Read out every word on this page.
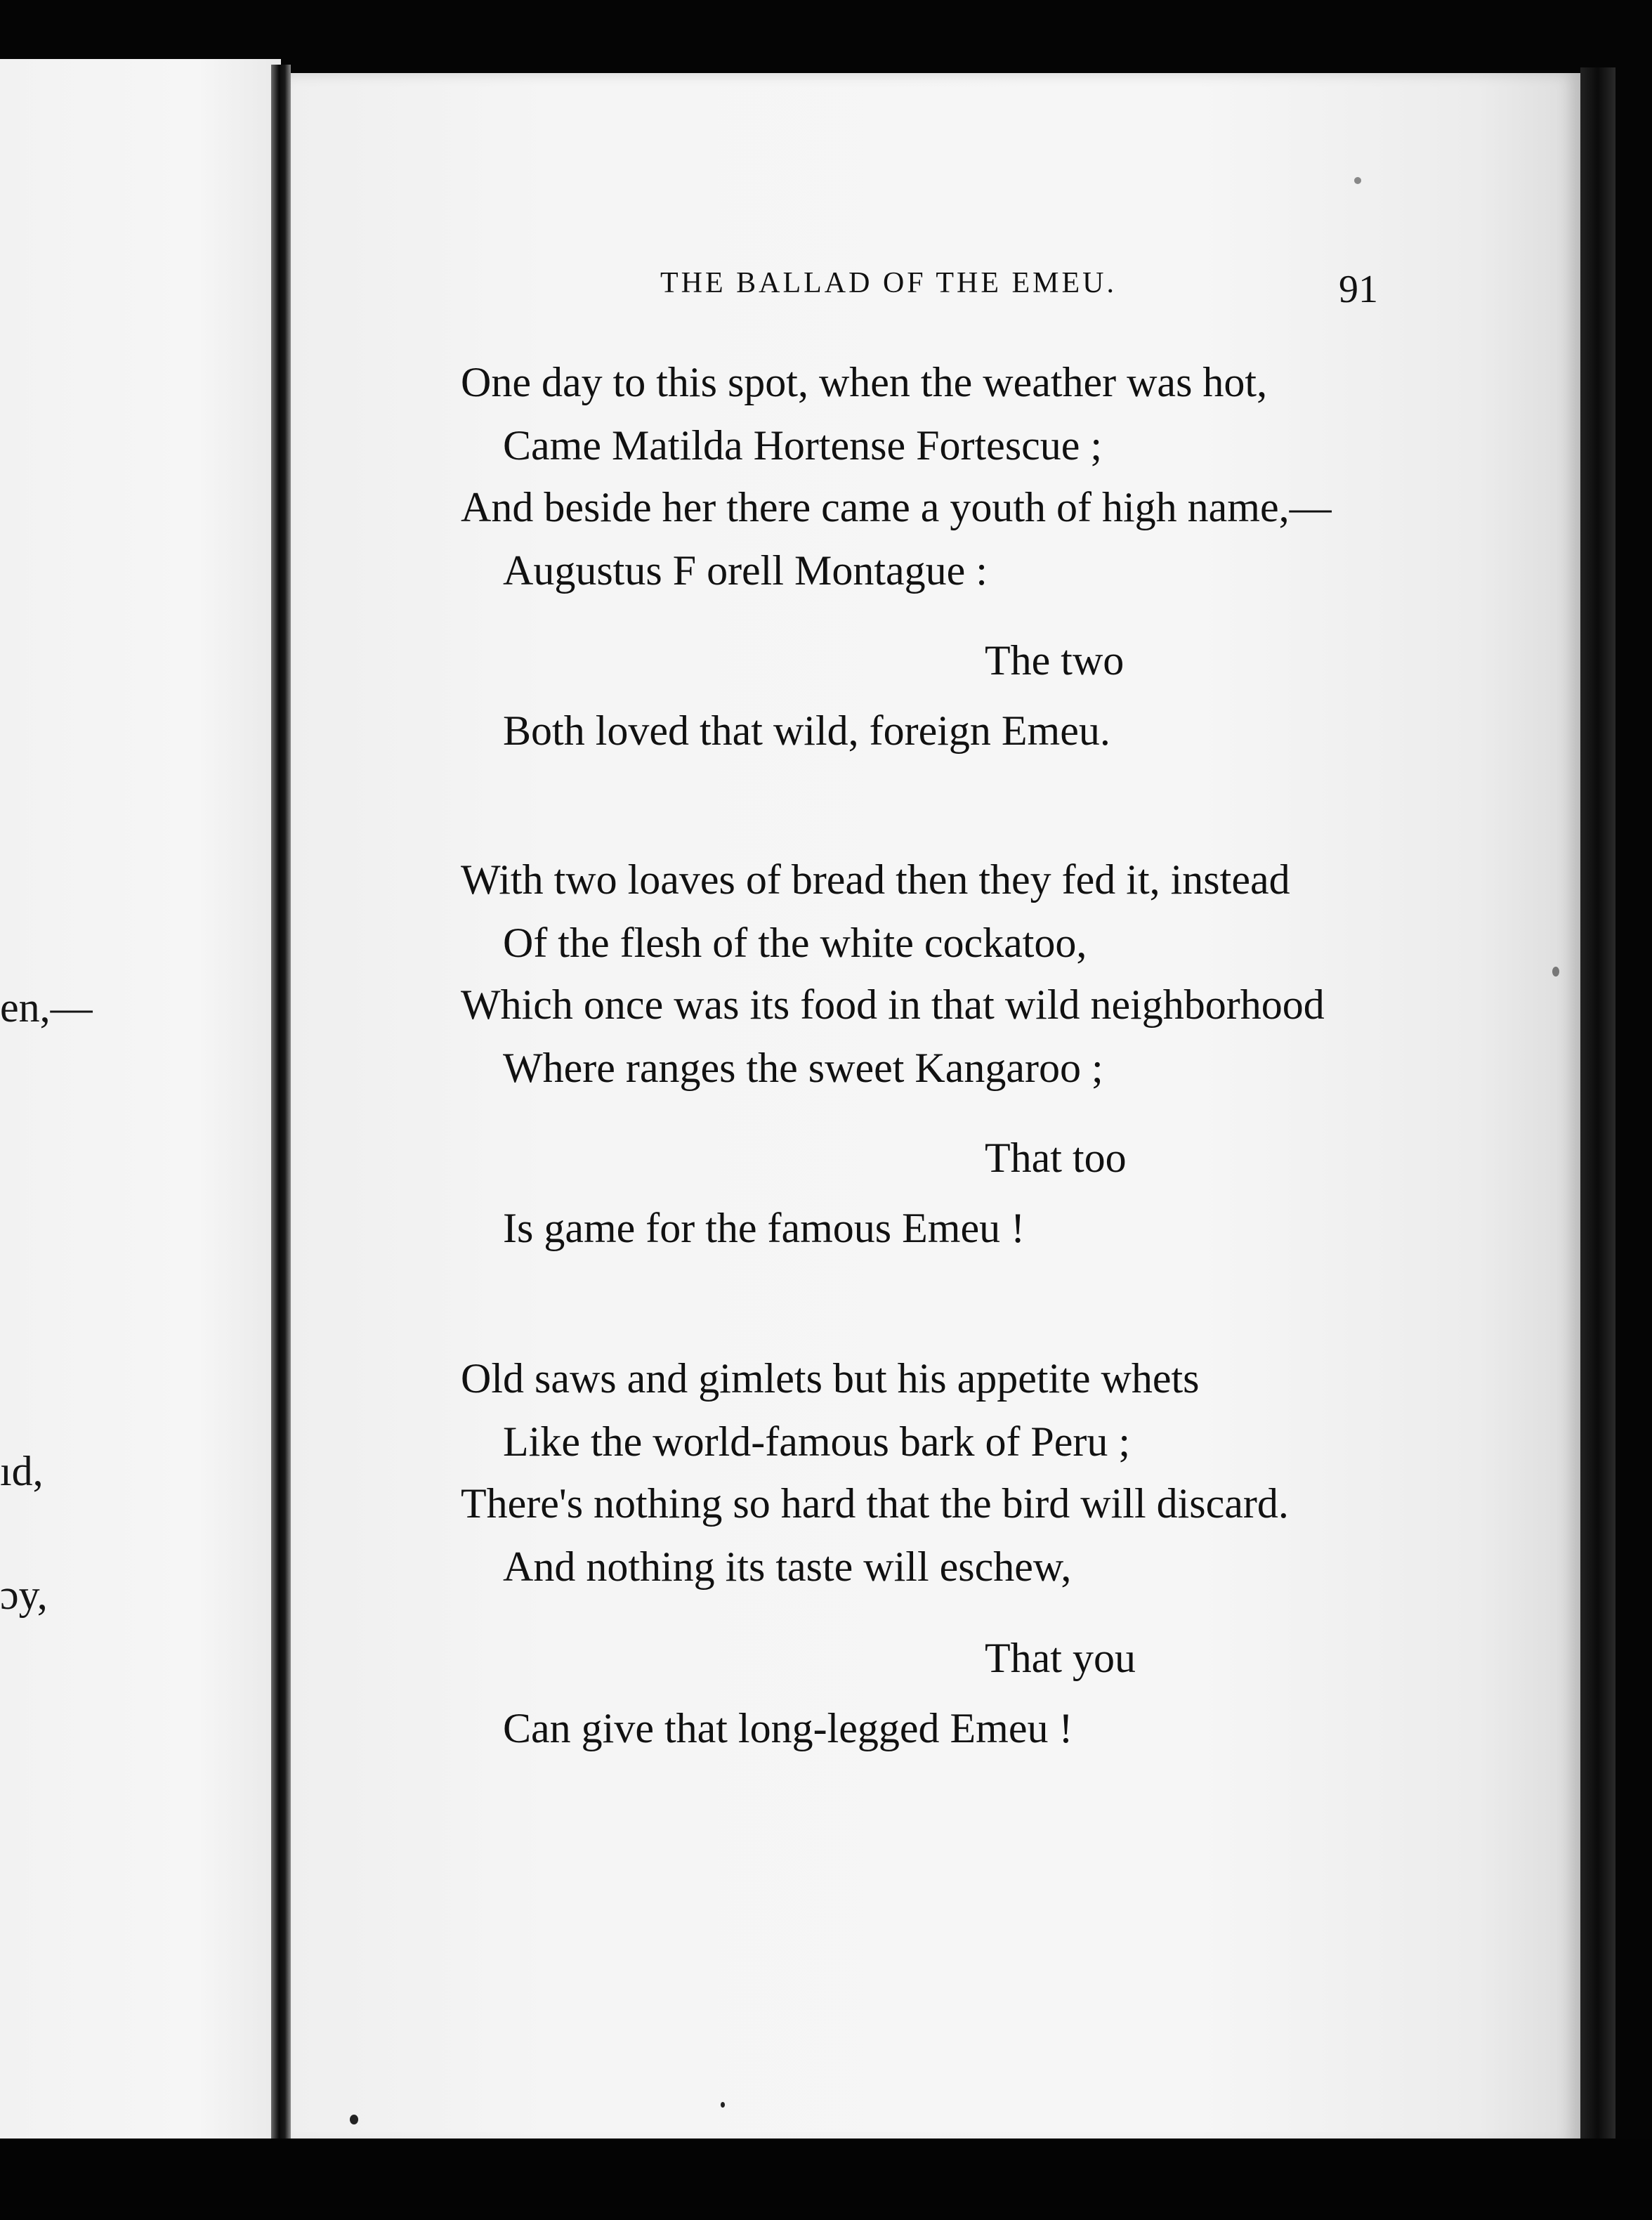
en,—
ıd,
ɔy,
THE BALLAD OF THE EMEU.	91
One day to this spot, when the weather was hot,
Came Matilda Hortense Fortescue ;
And beside her there came a youth of high name,—
Augustus F orell Montague :
The two
Both loved that wild, foreign Emeu.
With two loaves of bread then they fed it, instead
Of the flesh of the white cockatoo,
Which once was its food in that wild neighborhood
Where ranges the sweet Kangaroo ;
That too
Is game for the famous Emeu !
Old saws and gimlets but his appetite whets
Like the world-famous bark of Peru ;
There's nothing so hard that the bird will discard.
And nothing its taste will eschew,
That you
Can give that long-legged Emeu !
